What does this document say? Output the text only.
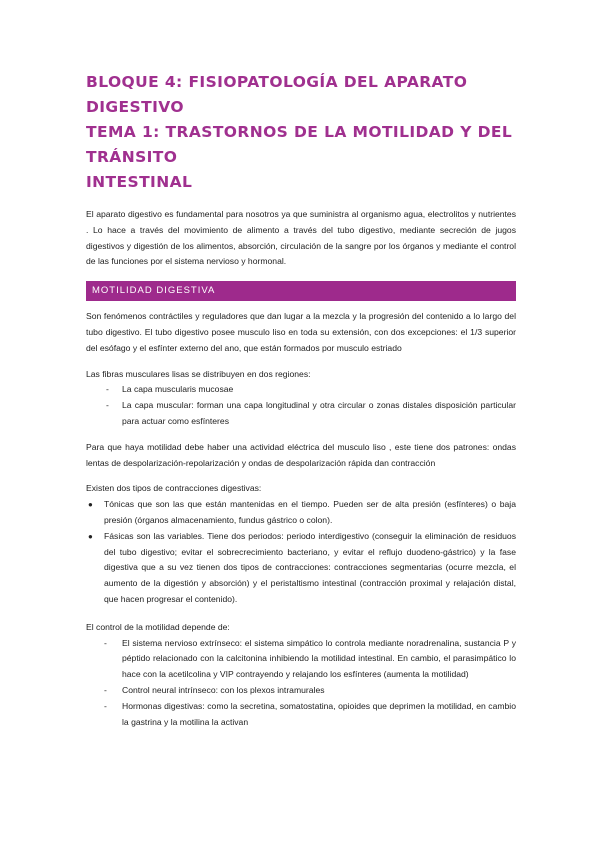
BLOQUE 4: FISIOPATOLOGÍA DEL APARATO DIGESTIVO
TEMA 1: TRASTORNOS DE LA MOTILIDAD Y DEL TRÁNSITO
INTESTINAL

El aparato digestivo es fundamental para nosotros ya que suministra al organismo agua, electrolitos y nutrientes . Lo hace a través del movimiento de alimento a través del tubo digestivo, mediante secreción de jugos digestivos y digestión de los alimentos, absorción, circulación de la sangre por los órganos y mediante el control de las funciones por el sistema nervioso y hormonal.

MOTILIDAD DIGESTIVA

Son fenómenos contráctiles y reguladores que dan lugar a la mezcla y la progresión del contenido a lo largo del tubo digestivo. El tubo digestivo posee musculo liso en toda su extensión, con dos excepciones: el 1/3 superior del esófago y el esfínter externo del ano, que están formados por musculo estriado

Las fibras musculares lisas se distribuyen en dos regiones:

- La capa muscularis mucosae
- La capa muscular: forman una capa longitudinal y otra circular o zonas distales disposición particular para actuar como esfínteres

Para que haya motilidad debe haber una actividad eléctrica del musculo liso , este tiene dos patrones: ondas lentas de despolarización-repolarización y ondas de despolarización rápida dan contracción

Existen dos tipos de contracciones digestivas:

● Tónicas que son las que están mantenidas en el tiempo. Pueden ser de alta presión (esfínteres) o baja presión (órganos almacenamiento, fundus gástrico o colon).
● Fásicas son las variables. Tiene dos periodos: periodo interdigestivo (conseguir la eliminación de residuos del tubo digestivo; evitar el sobrecrecimiento bacteriano, y evitar el reflujo duodeno-gástrico) y la fase digestiva que a su vez tienen dos tipos de contracciones: contracciones segmentarias (ocurre mezcla, el aumento de la digestión y absorción) y el peristaltismo intestinal (contracción proximal y relajación distal, que hacen progresar el contenido).

El control de la motilidad depende de:

- El sistema nervioso extrínseco: el sistema simpático lo controla mediante noradrenalina, sustancia P y péptido relacionado con la calcitonina inhibiendo la motilidad intestinal. En cambio, el parasimpático lo hace con la acetilcolina y VIP contrayendo y relajando los esfínteres (aumenta la motilidad)
- Control neural intrínseco: con los plexos intramurales
- Hormonas digestivas: como la secretina, somatostatina, opioides que deprimen la motilidad, en cambio la gastrina y la motilina la activan
